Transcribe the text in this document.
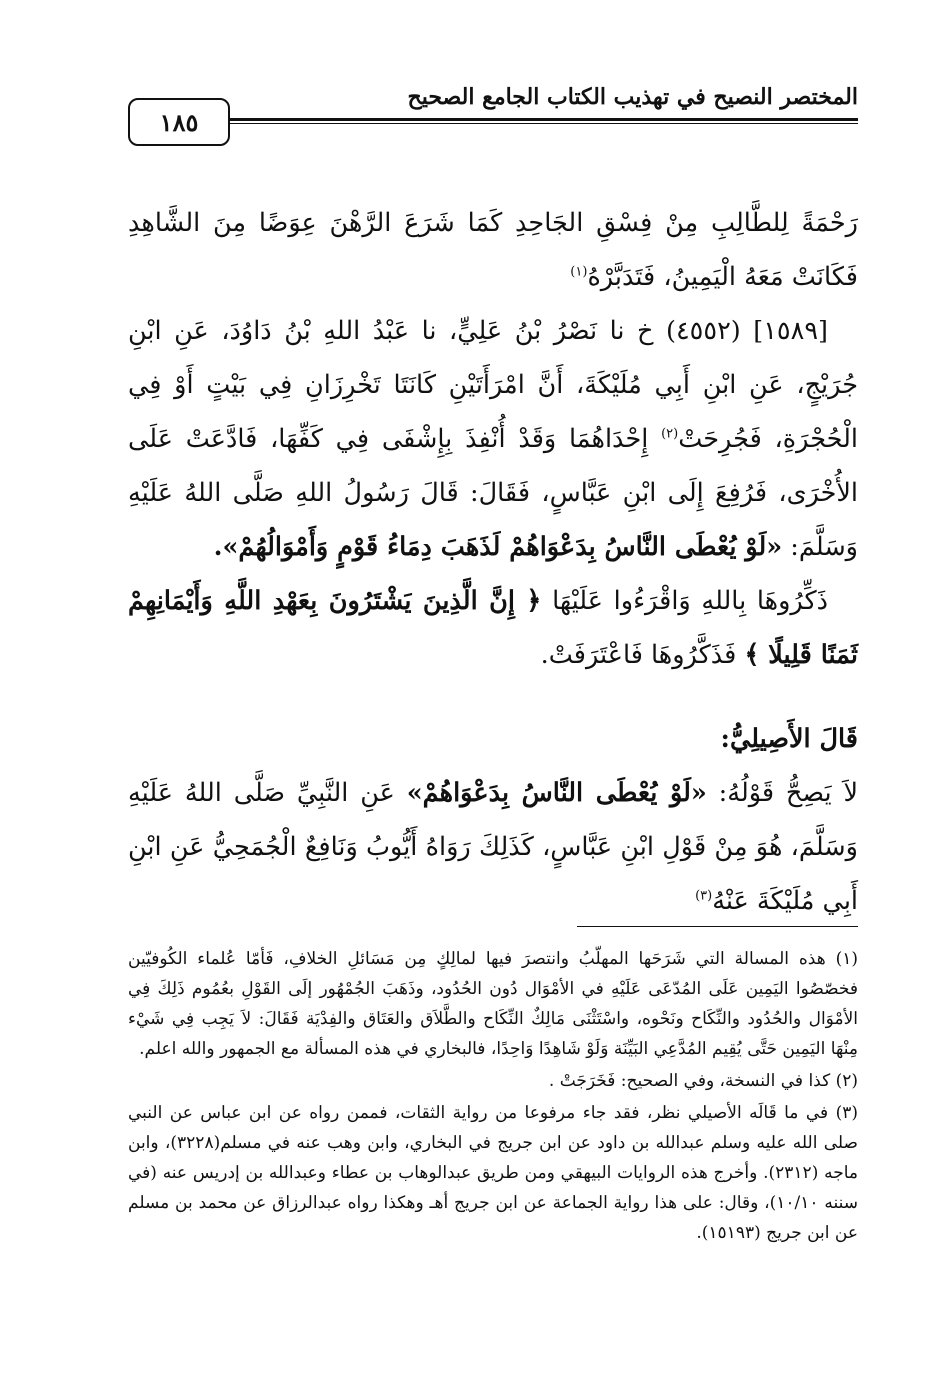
المختصر النصيح في تهذيب الكتاب الجامع الصحيح
١٨٥

رَحْمَةً لِلطَّالِبِ مِنْ فِسْقِ الجَاحِدِ كَمَا شَرَعَ الرَّهْنَ عِوَضًا مِنَ الشَّاهِدِ فَكَانَتْ مَعَهُ الْيَمِينُ، فَتَدَبَّرْهُ$^{(١)}$

[١٥٨٩] (٤٥٥٢) خ نا نَصْرُ بْنُ عَلِيٍّ، نا عَبْدُ اللهِ بْنُ دَاوُدَ، عَنِ ابْنِ جُرَيْجٍ، عَنِ ابْنِ أَبِي مُلَيْكَةَ، أَنَّ امْرَأَتَيْنِ كَانَتَا تَخْرِزَانِ فِي بَيْتٍ أَوْ فِي الْحُجْرَةِ، فَجُرِحَتْ$^{(٢)}$ إِحْدَاهُمَا وَقَدْ أُنْفِذَ بِإِشْفَى فِي كَفِّهَا، فَادَّعَتْ عَلَى الأُخْرَى، فَرُفِعَ إِلَى ابْنِ عَبَّاسٍ، فَقَالَ: قَالَ رَسُولُ اللهِ صَلَّى اللهُ عَلَيْهِ وَسَلَّمَ: «لَوْ يُعْطَى النَّاسُ بِدَعْوَاهُمْ لَذَهَبَ دِمَاءُ قَوْمٍ وَأَمْوَالُهُمْ».

ذَكِّرُوهَا بِاللهِ وَاقْرَءُوا عَلَيْهَا ﴿ إِنَّ الَّذِينَ يَشْتَرُونَ بِعَهْدِ اللَّهِ وَأَيْمَانِهِمْ ثَمَنًا قَلِيلًا ﴾ فَذَكَّرُوهَا فَاعْتَرَفَتْ.

قَالَ الأَصِيلِيُّ:

لاَ يَصِحُّ قَوْلُهُ: «لَوْ يُعْطَى النَّاسُ بِدَعْوَاهُمْ» عَنِ النَّبِيِّ صَلَّى اللهُ عَلَيْهِ وَسَلَّمَ، هُوَ مِنْ قَوْلِ ابْنِ عَبَّاسٍ، كَذَلِكَ رَوَاهُ أَيُّوبُ وَنَافِعٌ الْجُمَحِيُّ عَنِ ابْنِ أَبِي مُلَيْكَةَ عَنْهُ$^{(٣)}$

(١) هذه المسالة التي شَرَحَها المهلّبُ وانتصرَ فيها لمالِكٍ مِن مَسَائلِ الخلافِ، فَأمّا عُلماء الكُوفيّين فخصّصُوا اليَمِين عَلَى المُدّعَى عَلَيْهِ في الأمْوَال دُون الحُدُود، وذَهَبَ الجُمْهُور إلَى القَوْلِ بعُمُوم ذَلِكَ فِي الأمْوَال والحُدُود والنِّكَاح ونَحْوه، واسْتَثْنَى مَالِكٌ النِّكَاح والطَّلاَق والعَتَاق والفِدْيَة فَقَالَ: لاَ يَجِب فِي شَيْء مِنْهَا اليَمِين حَتَّى يُقِيم المُدَّعِي البَيِّنَة وَلَوْ شَاهِدًا وَاحِدًا، فالبخاري في هذه المسألة مع الجمهور والله اعلم.

(٢) كذا في النسخة، وفي الصحيح: فَخَرَجَتْ .

(٣) في ما قَالَه الأصيلي نظر، فقد جاء مرفوعا من رواية الثقات، فممن رواه عن ابن عباس عن النبي صلى الله عليه وسلم عبدالله بن داود عن ابن جريج في البخاري، وابن وهب عنه في مسلم(٣٢٢٨)، وابن ماجه (٢٣١٢). وأخرج هذه الروايات البيهقي ومن طريق عبدالوهاب بن عطاء وعبدالله بن إدريس عنه (في سننه ١٠/١٠)، وقال: على هذا رواية الجماعة عن ابن جريج أهـ وهكذا رواه عبدالرزاق عن محمد بن مسلم عن ابن جريج (١٥١٩٣).
